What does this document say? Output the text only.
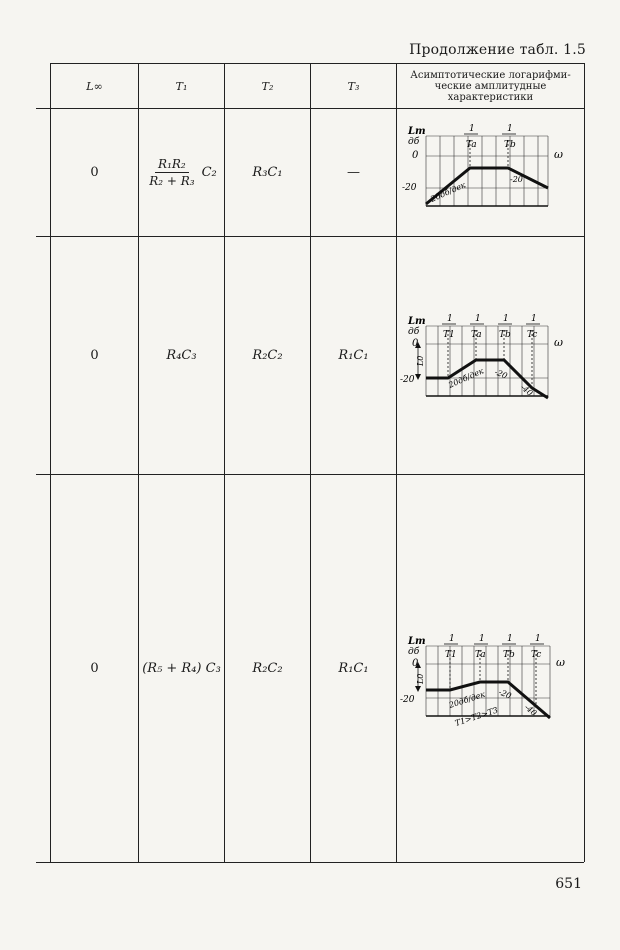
Продолжение табл. 1.5
L∞	T₁	T₂	T₃
Асимптотические логарифми-ческие амплитудные характеристики
0	$\frac{\text{R₁R₂}}{\text{R₂ + R₃}} C_2$	R₃C₁	—
0	R₄C₃	R₂C₂	R₁C₁
0	(R₅ + R₄) C₃	R₂C₂	R₁C₁
Lm
дб
0
-20
ω
1
Ta
1
Tb
20дб/дек
-20
Lm
дб
0
-20
L0
ω
1
T1
1
Ta
1
Tb
1
Tc
20дб/дек -20
-40
Lm
дб
0
-20
L0
ω
1
T1
1
Ta
1
Tb
1
Tc
20дб/дек -20
-40
T1>T2>T3
651
